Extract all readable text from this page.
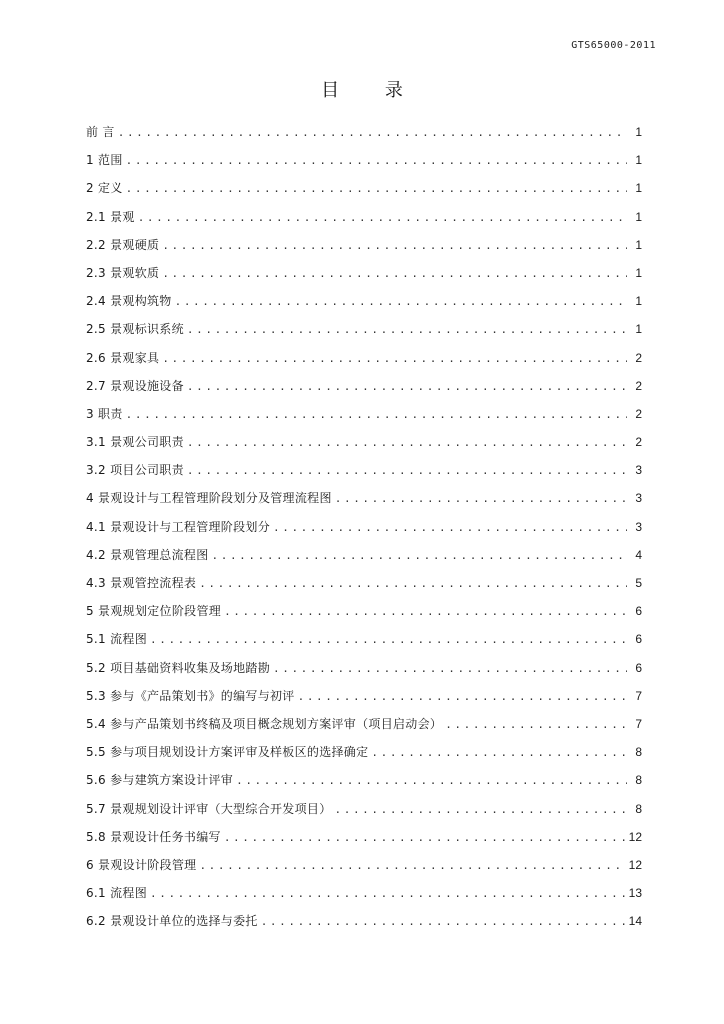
GTS65000-2011
目 录
前 言 .....	1
1 范围 .....	1
2 定义 .....	1
2.1 景观 .....	1
2.2 景观硬质 .....	1
2.3 景观软质 .....	1
2.4 景观构筑物 .....	1
2.5 景观标识系统 .....	1
2.6 景观家具 .....	2
2.7 景观设施设备 .....	2
3 职责 .....	2
3.1 景观公司职责 .....	2
3.2 项目公司职责 .....	3
4 景观设计与工程管理阶段划分及管理流程图 .....	3
4.1 景观设计与工程管理阶段划分 .....	3
4.2 景观管理总流程图 .....	4
4.3 景观管控流程表 .....	5
5 景观规划定位阶段管理 .....	6
5.1 流程图 .....	6
5.2 项目基础资料收集及场地踏勘 .....	6
5.3 参与《产品策划书》的编写与初评 .....	7
5.4 参与产品策划书终稿及项目概念规划方案评审（项目启动会） .....	7
5.5 参与项目规划设计方案评审及样板区的选择确定 .....	8
5.6 参与建筑方案设计评审 .....	8
5.7 景观规划设计评审（大型综合开发项目） .....	8
5.8 景观设计任务书编写 .....	12
6 景观设计阶段管理 .....	12
6.1 流程图 .....	13
6.2 景观设计单位的选择与委托 .....	14
